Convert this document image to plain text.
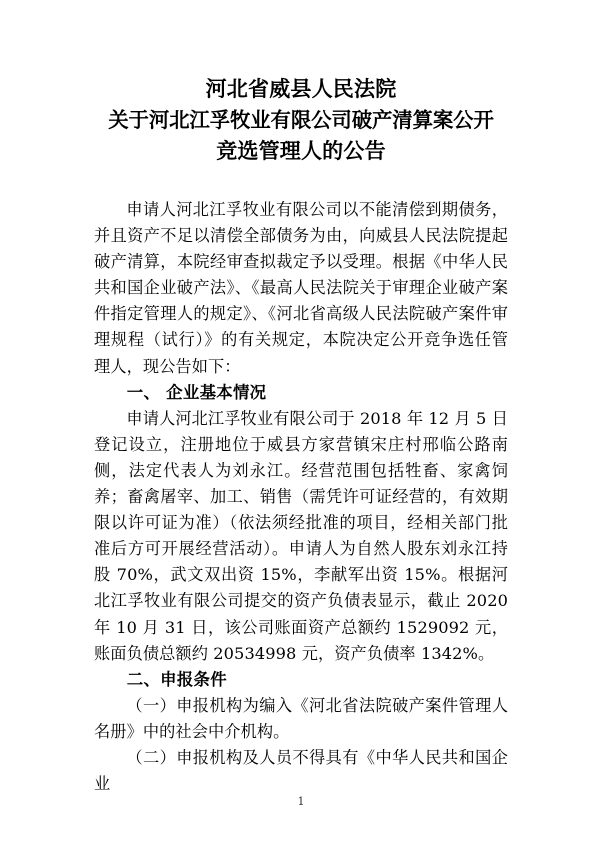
河北省威县人民法院
关于河北江孚牧业有限公司破产清算案公开
竞选管理人的公告

申请人河北江孚牧业有限公司以不能清偿到期债务，并且资产不足以清偿全部债务为由，向威县人民法院提起破产清算，本院经审查拟裁定予以受理。根据《中华人民共和国企业破产法》、《最高人民法院关于审理企业破产案件指定管理人的规定》、《河北省高级人民法院破产案件审理规程（试行）》的有关规定，本院决定公开竞争选任管理人，现公告如下：

一、 企业基本情况

申请人河北江孚牧业有限公司于 2018 年 12 月 5 日登记设立，注册地位于威县方家营镇宋庄村邢临公路南侧，法定代表人为刘永江。经营范围包括牲畜、家禽饲养；畜禽屠宰、加工、销售（需凭许可证经营的，有效期限以许可证为准）（依法须经批准的项目，经相关部门批准后方可开展经营活动）。申请人为自然人股东刘永江持股 70%，武文双出资 15%，李献军出资 15%。根据河北江孚牧业有限公司提交的资产负债表显示，截止 2020 年 10 月 31 日，该公司账面资产总额约 1529092 元，账面负债总额约 20534998 元，资产负债率 1342%。

二、申报条件

（一）申报机构为编入《河北省法院破产案件管理人名册》中的社会中介机构。

（二）申报机构及人员不得具有《中华人民共和国企业

1
